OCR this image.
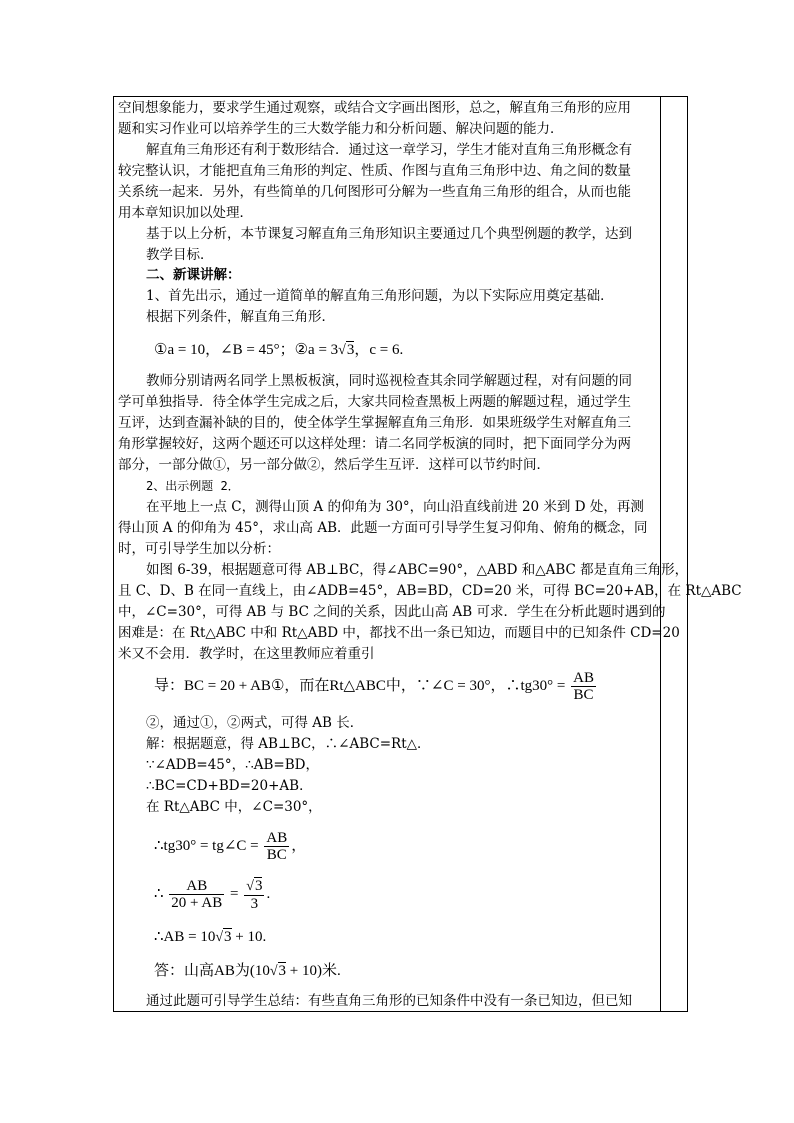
空间想象能力，要求学生通过观察，或结合文字画出图形，总之，解直角三角形的应用
题和实习作业可以培养学生的三大数学能力和分析问题、解决问题的能力．
解直角三角形还有利于数形结合．通过这一章学习，学生才能对直角三角形概念有
较完整认识，才能把直角三角形的判定、性质、作图与直角三角形中边、角之间的数量
关系统一起来．另外，有些简单的几何图形可分解为一些直角三角形的组合，从而也能
用本章知识加以处理．
基于以上分析，本节课复习解直角三角形知识主要通过几个典型例题的教学，达到
教学目标．
二、新课讲解：
1、首先出示，通过一道简单的解直角三角形问题，为以下实际应用奠定基础．
根据下列条件，解直角三角形．
①a = 10，∠B = 45°；②a = 3√3，c = 6.
教师分别请两名同学上黑板板演，同时巡视检查其余同学解题过程，对有问题的同
学可单独指导．待全体学生完成之后，大家共同检查黑板上两题的解题过程，通过学生
互评，达到查漏补缺的目的，使全体学生掌握解直角三角形．如果班级学生对解直角三
角形掌握较好，这两个题还可以这样处理：请二名同学板演的同时，把下面同学分为两
部分，一部分做①，另一部分做②，然后学生互评．这样可以节约时间．
2、出示例题 2．
在平地上一点 C，测得山顶 A 的仰角为 30°，向山沿直线前进 20 米到 D 处，再测
得山顶 A 的仰角为 45°，求山高 AB．此题一方面可引导学生复习仰角、俯角的概念，同
时，可引导学生加以分析：
如图 6-39，根据题意可得 AB⊥BC，得∠ABC=90°，△ABD 和△ABC 都是直角三角形，
且 C、D、B 在同一直线上，由∠ADB=45°，AB=BD，CD=20 米，可得 BC=20+AB，在 Rt△ABC
中，∠C=30°，可得 AB 与 BC 之间的关系，因此山高 AB 可求．学生在分析此题时遇到的
困难是：在 Rt△ABC 中和 Rt△ABD 中，都找不出一条已知边，而题目中的已知条件 CD=20
米又不会用．教学时，在这里教师应着重引
导：BC = 20 + AB①，而在Rt△ABC中，∵∠C = 30°，∴tg30° = $\frac{AB}{BC}$
②，通过①，②两式，可得 AB 长．
解：根据题意，得 AB⊥BC，∴∠ABC=Rt△．
∵∠ADB=45°，∴AB=BD，
∴BC=CD+BD=20+AB．
在 Rt△ABC 中，∠C=30°，
∴tg30° = tg∠C = $\frac{AB}{BC}$ ，
∴ $\frac{AB}{20 + AB} = \frac{√3}{3}$ .
∴AB = 10√3 + 10.
答：山高AB为(10√3 + 10)米.
通过此题可引导学生总结：有些直角三角形的已知条件中没有一条已知边，但已知
